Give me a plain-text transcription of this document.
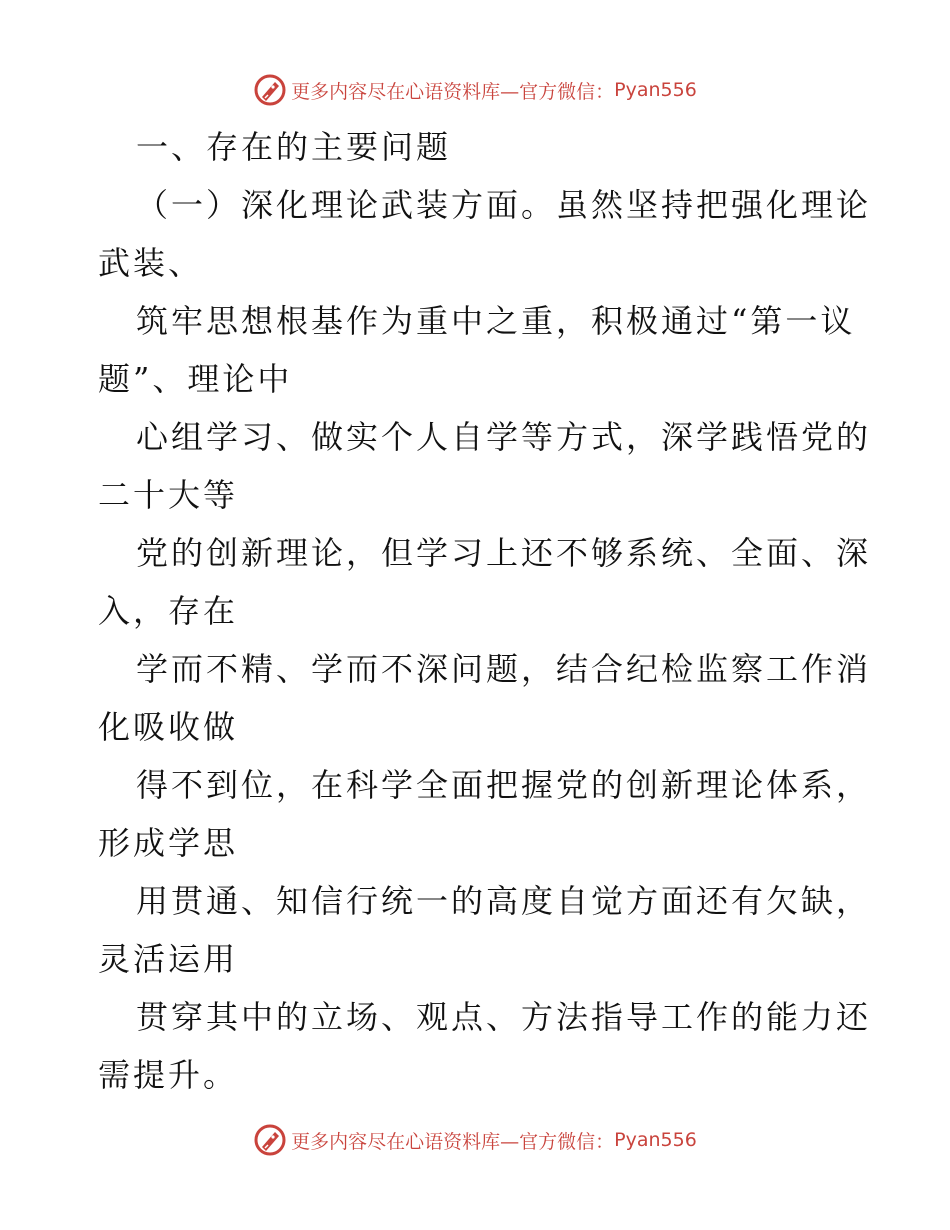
更多内容尽在心语资料库—官方微信： Pyan556
一、存在的主要问题
（一）深化理论武装方面。虽然坚持把强化理论
武装、
筑牢思想根基作为重中之重，积极通过“第一议
题”、理论中
心组学习、做实个人自学等方式，深学践悟党的
二十大等
党的创新理论，但学习上还不够系统、全面、深
入，存在
学而不精、学而不深问题，结合纪检监察工作消
化吸收做
得不到位，在科学全面把握党的创新理论体系，
形成学思
用贯通、知信行统一的高度自觉方面还有欠缺，
灵活运用
贯穿其中的立场、观点、方法指导工作的能力还
需提升。
更多内容尽在心语资料库—官方微信： Pyan556
